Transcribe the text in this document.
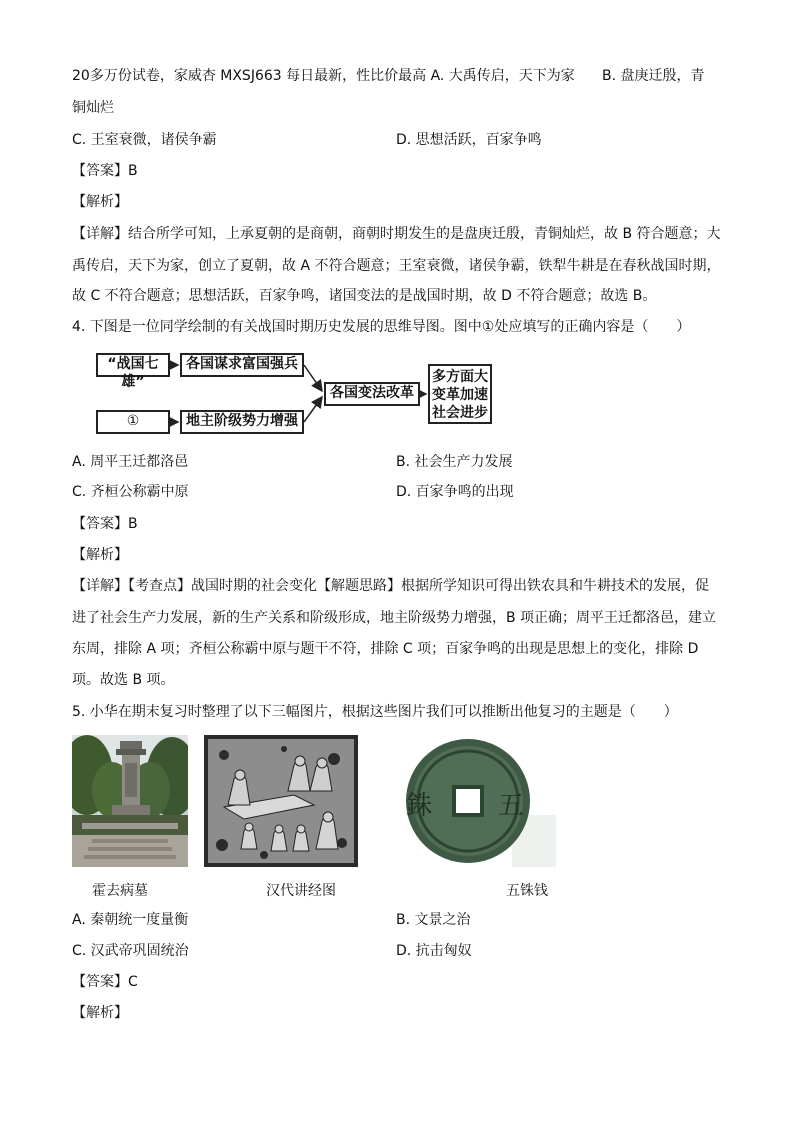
20多万份试卷，家威杏 MXSJ663 每日最新，性比价最高 A. 大禹传启，天下为家 B. 盘庚迁殷，青
铜灿烂
C. 王室衰微，诸侯争霸	D. 思想活跃，百家争鸣
【答案】B
【解析】
【详解】结合所学可知，上承夏朝的是商朝，商朝时期发生的是盘庚迁殷，青铜灿烂，故 B 符合题意；大
禹传启，天下为家，创立了夏朝，故 A 不符合题意；王室衰微，诸侯争霸，铁犁牛耕是在春秋战国时期，
故 C 不符合题意；思想活跃，百家争鸣，诸国变法的是战国时期，故 D 不符合题意；故选 B。
4. 下图是一位同学绘制的有关战国时期历史发展的思维导图。图中①处应填写的正确内容是（　　）
“战国七雄”
各国谋求富国强兵
①	地主阶级势力增强
各国变法改革
多方面大
变革加速
社会进步
A. 周平王迁都洛邑	B. 社会生产力发展
C. 齐桓公称霸中原	D. 百家争鸣的出现
【答案】B
【解析】
【详解】【考查点】战国时期的社会变化【解题思路】根据所学知识可得出铁农具和牛耕技术的发展，促
进了社会生产力发展，新的生产关系和阶级形成，地主阶级势力增强，B 项正确；周平王迁都洛邑，建立
东周，排除 A 项；齐桓公称霸中原与题干不符，排除 C 项；百家争鸣的出现是思想上的变化，排除 D
项。故选 B 项。
5. 小华在期末复习时整理了以下三幅图片，根据这些图片我们可以推断出他复习的主题是（　　）
銖	五
霍去病墓	汉代讲经图	五铢钱
A. 秦朝统一度量衡	B. 文景之治
C. 汉武帝巩固统治	D. 抗击匈奴
【答案】C
【解析】
